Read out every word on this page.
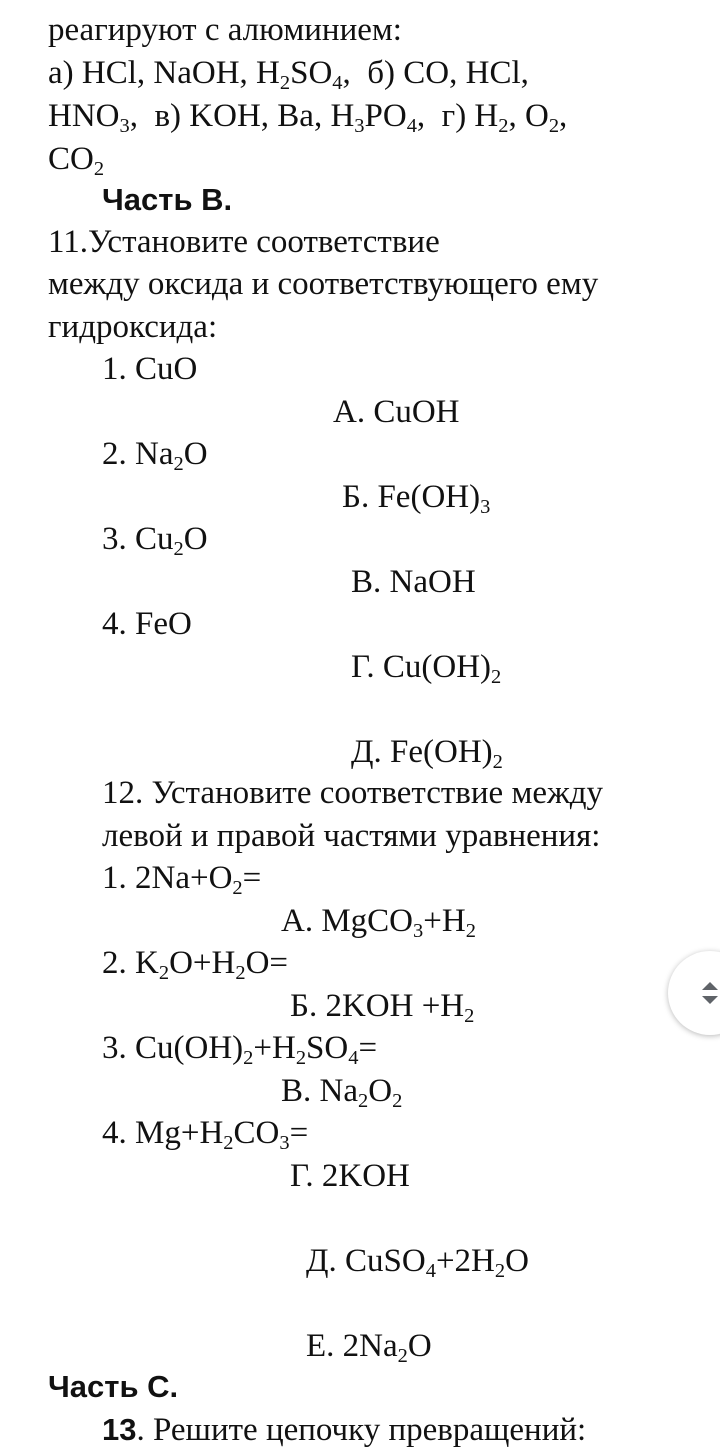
реагируют с алюминием:
а) HCl, NaOH, $H_2SO_4$,  б) CO, HCl,
$HNO_3$,  в) KOH, Ba, $H_3PO_4$,  г) $H_2$, $O_2$,
$CO_2$
Часть В.
11.Установите соответствие
между оксида и соответствующего ему
гидроксида:
1. CuO
А. CuOH
2. $Na_2O$
Б. $Fe(OH)_3$
3. $Cu_2O$
В. NaOH
4. FeO
Г. $Cu(OH)_2$
Д. $Fe(OH)_2$
12. Установите соответствие между
левой и правой частями уравнения:
1. $2Na+O_2=$
А. $MgCO_3+H_2$
2. $K_2O+H_2O=$
Б. $2KOH +H_2$
3. $Cu(OH)_2+H_2SO_4=$
В. $Na_2O_2$
4. $Mg+H_2CO_3=$
Г. 2KOH
Д. $CuSO_4+2H_2O$
Е. $2Na_2O$
Часть С.
13. Решите цепочку превращений:
